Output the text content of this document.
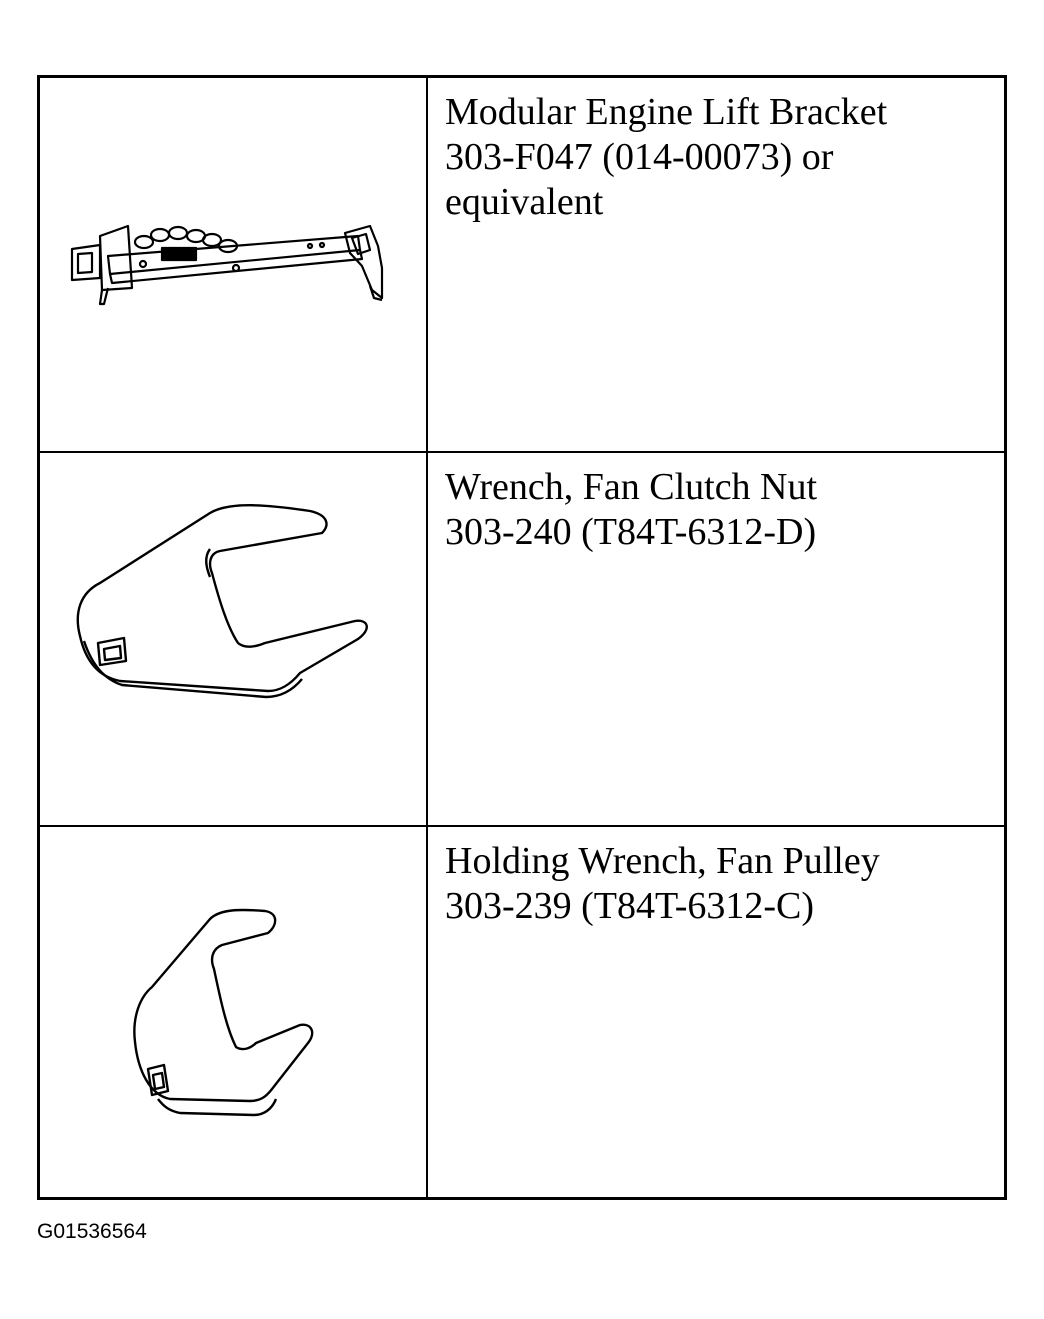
Modular Engine Lift Bracket
303-F047 (014-00073) or
equivalent
Wrench, Fan Clutch Nut
303-240 (T84T-6312-D)
Holding Wrench, Fan Pulley
303-239 (T84T-6312-C)
G01536564
